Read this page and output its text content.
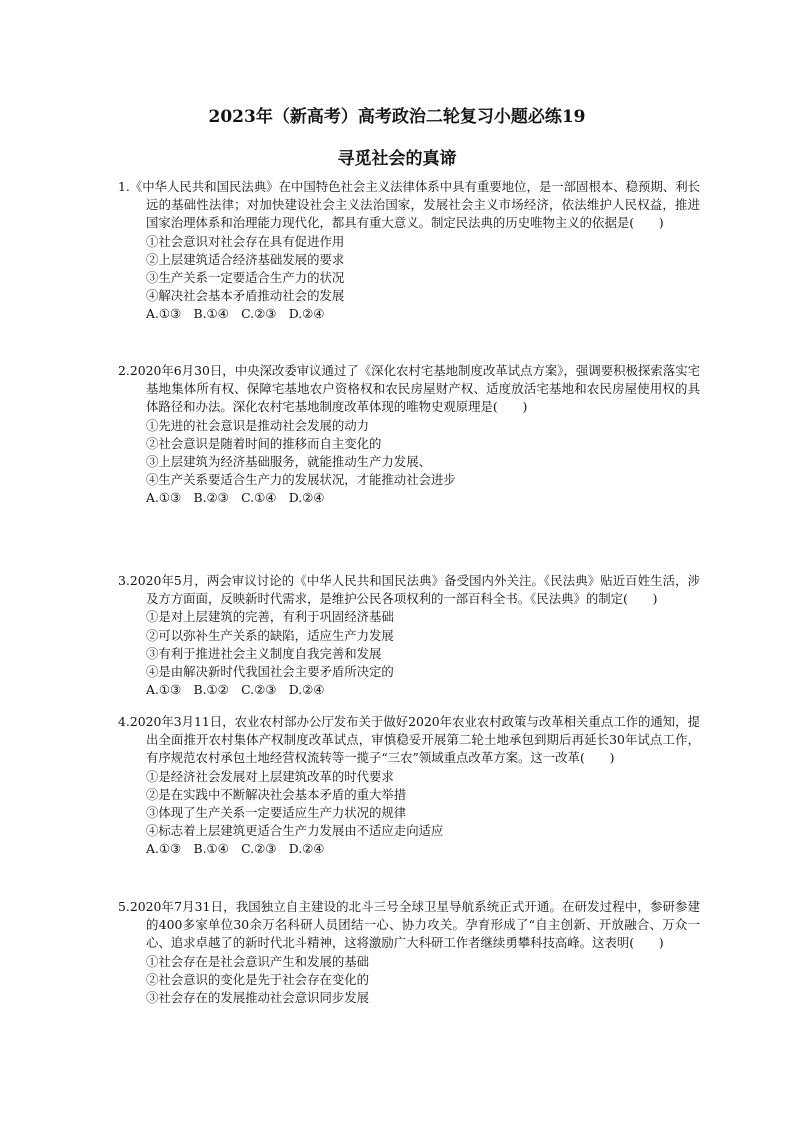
2023年（新高考）高考政治二轮复习小题必练19
寻觅社会的真谛

1.《中华人民共和国民法典》在中国特色社会主义法律体系中具有重要地位，是一部固根本、稳预期、利长远的基础性法律；对加快建设社会主义法治国家，发展社会主义市场经济，依法维护人民权益，推进国家治理体系和治理能力现代化，都具有重大意义。制定民法典的历史唯物主义的依据是(　　)

①社会意识对社会存在具有促进作用

②上层建筑适合经济基础发展的要求

③生产关系一定要适合生产力的状况

④解决社会基本矛盾推动社会的发展

A.①③　B.①④　C.②③　D.②④

2.2020年6月30日，中央深改委审议通过了《深化农村宅基地制度改革试点方案》，强调要积极探索落实宅基地集体所有权、保障宅基地农户资格权和农民房屋财产权、适度放活宅基地和农民房屋使用权的具体路径和办法。深化农村宅基地制度改革体现的唯物史观原理是(　　)

①先进的社会意识是推动社会发展的动力

②社会意识是随着时间的推移而自主变化的

③上层建筑为经济基础服务，就能推动生产力发展、

④生产关系要适合生产力的发展状况，才能推动社会进步

A.①③　B.②③　C.①④　D.②④

3.2020年5月，两会审议讨论的《中华人民共和国民法典》备受国内外关注。《民法典》贴近百姓生活，涉及方方面面，反映新时代需求，是维护公民各项权利的一部百科全书。《民法典》的制定(　　)

①是对上层建筑的完善，有利于巩固经济基础

②可以弥补生产关系的缺陷，适应生产力发展

③有利于推进社会主义制度自我完善和发展

④是由解决新时代我国社会主要矛盾所决定的

A.①③　B.①②　C.②③　D.②④

4.2020年3月11日，农业农村部办公厅发布关于做好2020年农业农村政策与改革相关重点工作的通知，提出全面推开农村集体产权制度改革试点，审慎稳妥开展第二轮土地承包到期后再延长30年试点工作，有序规范农村承包土地经营权流转等一揽子“三农”领域重点改革方案。这一改革(　　)

①是经济社会发展对上层建筑改革的时代要求

②是在实践中不断解决社会基本矛盾的重大举措

③体现了生产关系一定要适应生产力状况的规律

④标志着上层建筑更适合生产力发展由不适应走向适应

A.①③　B.①④　C.②③　D.②④

5.2020年7月31日，我国独立自主建设的北斗三号全球卫星导航系统正式开通。在研发过程中，参研参建的400多家单位30余万名科研人员团结一心、协力攻关。孕育形成了“自主创新、开放融合、万众一心、追求卓越了的新时代北斗精神，这将激励广大科研工作者继续勇攀科技高峰。这表明(　　)

①社会存在是社会意识产生和发展的基础

②社会意识的变化是先于社会存在变化的

③社会存在的发展推动社会意识同步发展
